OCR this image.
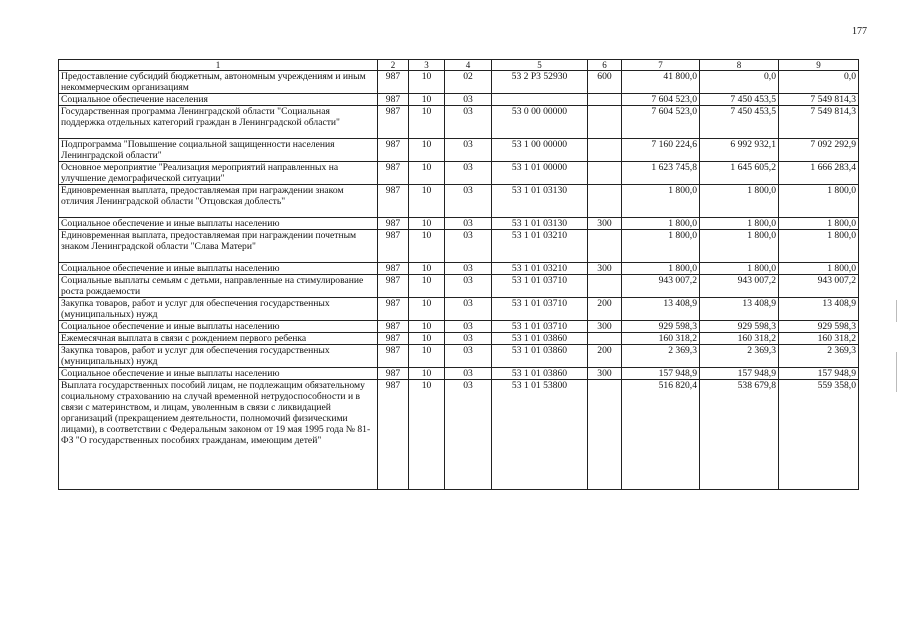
177
1	2	3	4	5	6	7	8	9
Предоставление субсидий бюджетным, автономным учреждениям и иным некоммерческим организациям	987	10	02	53 2 P3 52930	600	41 800,0	0,0	0,0
Социальное обеспечение населения	987	10	03			7 604 523,0	7 450 453,5	7 549 814,3
Государственная программа Ленинградской области "Социальная поддержка отдельных категорий граждан в Ленинградской области"	987	10	03	53 0 00 00000		7 604 523,0	7 450 453,5	7 549 814,3
Подпрограмма "Повышение социальной защищенности населения Ленинградской области"	987	10	03	53 1 00 00000		7 160 224,6	6 992 932,1	7 092 292,9
Основное мероприятие "Реализация мероприятий направленных на улучшение демографической ситуации"	987	10	03	53 1 01 00000		1 623 745,8	1 645 605,2	1 666 283,4
Единовременная выплата, предоставляемая при награждении знаком отличия Ленинградской области "Отцовская доблесть"	987	10	03	53 1 01 03130		1 800,0	1 800,0	1 800,0
Социальное обеспечение и иные выплаты населению	987	10	03	53 1 01 03130	300	1 800,0	1 800,0	1 800,0
Единовременная выплата, предоставляемая при награждении почетным знаком Ленинградской области "Слава Матери"	987	10	03	53 1 01 03210		1 800,0	1 800,0	1 800,0
Социальное обеспечение и иные выплаты населению	987	10	03	53 1 01 03210	300	1 800,0	1 800,0	1 800,0
Социальные выплаты семьям с детьми, направленные на стимулирование роста рождаемости	987	10	03	53 1 01 03710		943 007,2	943 007,2	943 007,2
Закупка товаров, работ и услуг для обеспечения государственных (муниципальных) нужд	987	10	03	53 1 01 03710	200	13 408,9	13 408,9	13 408,9
Социальное обеспечение и иные выплаты населению	987	10	03	53 1 01 03710	300	929 598,3	929 598,3	929 598,3
Ежемесячная выплата в связи с рождением первого ребенка	987	10	03	53 1 01 03860		160 318,2	160 318,2	160 318,2
Закупка товаров, работ и услуг для обеспечения государственных (муниципальных) нужд	987	10	03	53 1 01 03860	200	2 369,3	2 369,3	2 369,3
Социальное обеспечение и иные выплаты населению	987	10	03	53 1 01 03860	300	157 948,9	157 948,9	157 948,9
Выплата государственных пособий лицам, не подлежащим обязательному социальному страхованию на случай временной нетрудоспособности и в связи с материнством, и лицам, уволенным в связи с ликвидацией организаций (прекращением деятельности, полномочий физическими лицами), в соответствии с Федеральным законом от 19 мая 1995 года № 81-ФЗ "О государственных пособиях гражданам, имеющим детей"	987	10	03	53 1 01 53800		516 820,4	538 679,8	559 358,0
